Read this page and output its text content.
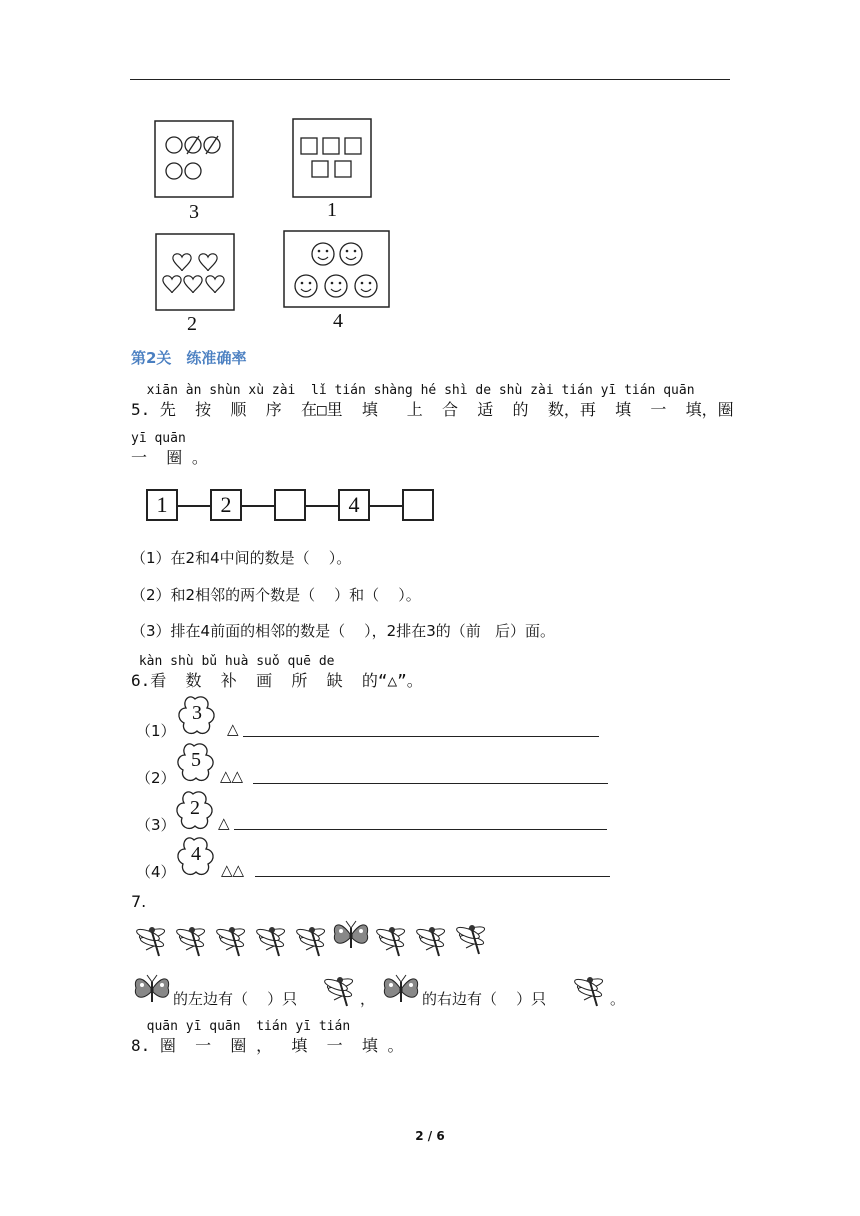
3	1
2	4
第2关　练准确率
xiān àn shùn xù zài  lǐ tián shàng hé shì de shù zài tián yī tián quān
5. 先  按  顺  序  在□里  填   上  合  适  的  数，再  填  一  填，圈
yī quān
一  圈 。
1	2	4
（1）在2和4中间的数是（    ）。
（2）和2相邻的两个数是（    ）和（    ）。
（3）排在4前面的相邻的数是（    ），2排在3的（前   后）面。
kàn shù bǔ huà suǒ quē de
6.看  数  补  画  所  缺  的“△”。
（1）
3
△
（2）
5
△△
（3）
2
△
（4）
4
△△
7.
的左边有（    ）只	，	的右边有（    ）只	。
quān yī quān  tián yī tián
8. 圈  一  圈 ，  填  一  填 。
2 / 6
